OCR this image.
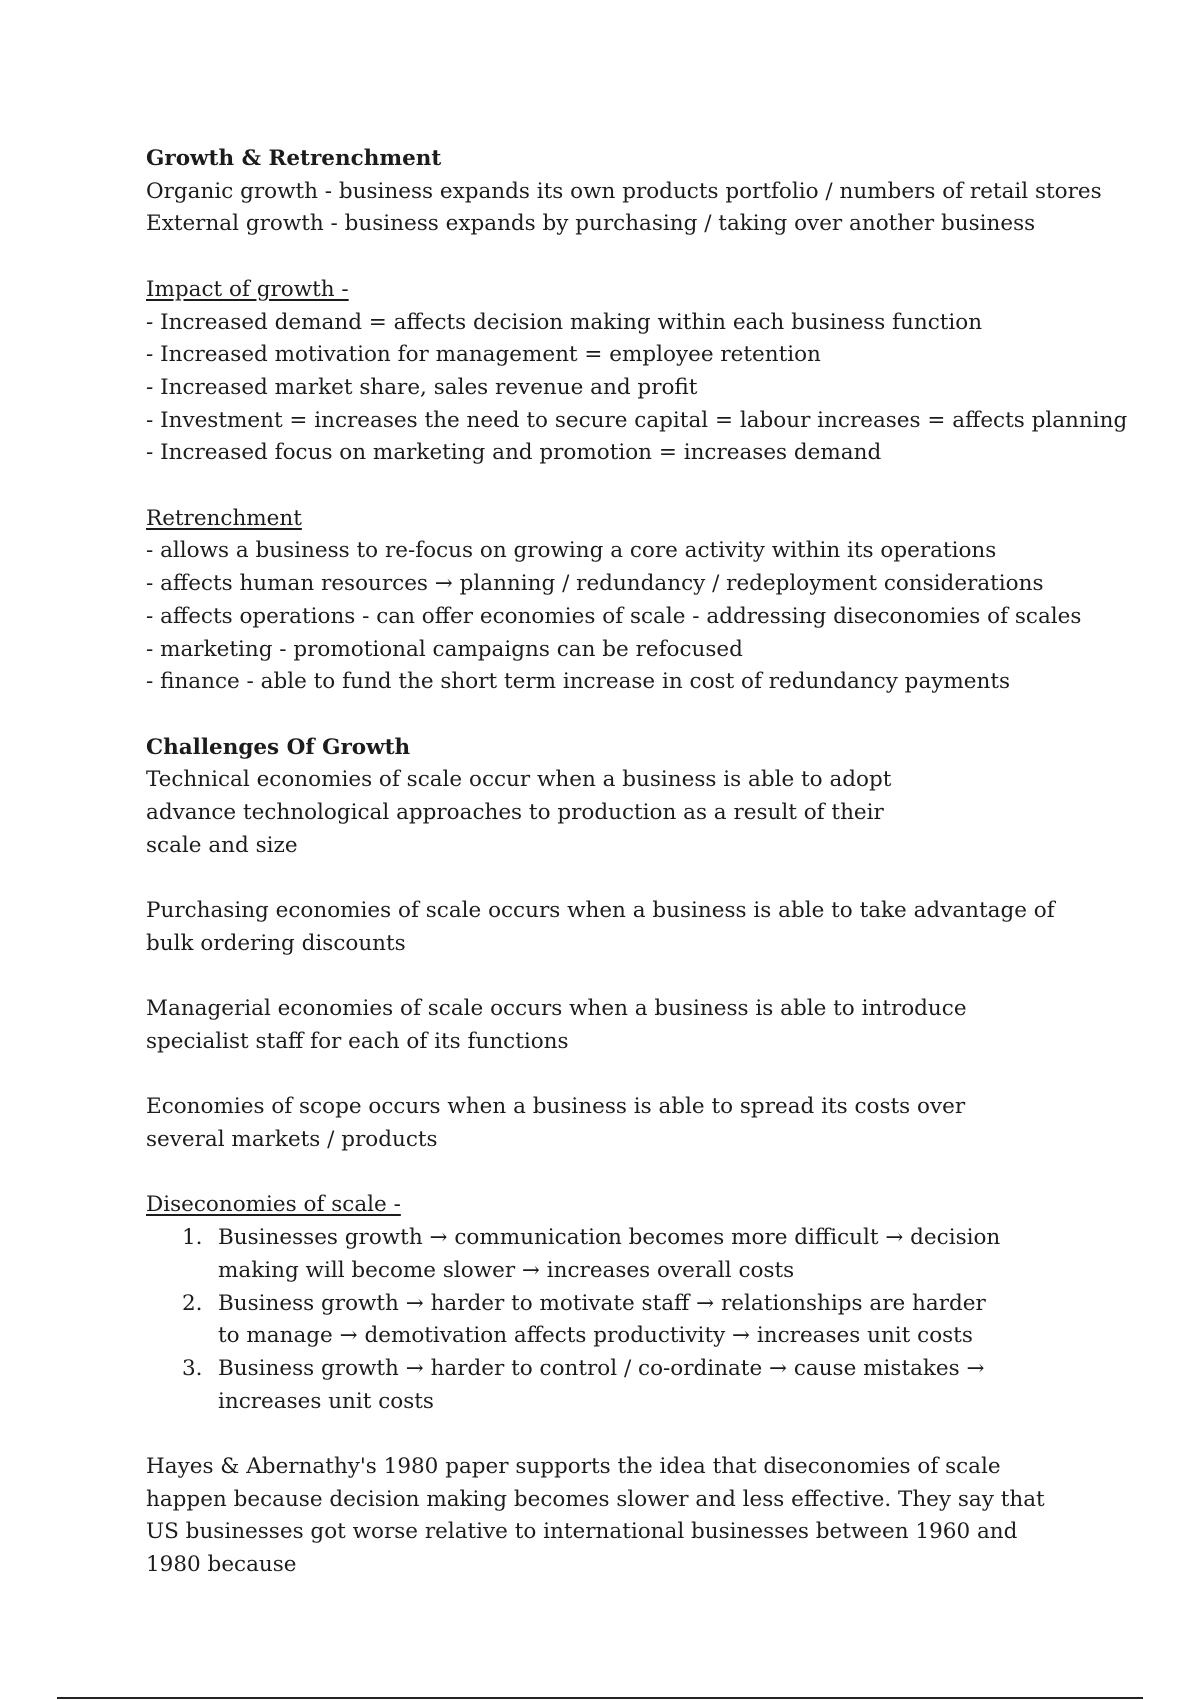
Growth & Retrenchment
Organic growth - business expands its own products portfolio / numbers of retail stores
External growth - business expands by purchasing / taking over another business
Impact of growth -
- Increased demand = affects decision making within each business function
- Increased motivation for management = employee retention
- Increased market share, sales revenue and profit
- Investment = increases the need to secure capital = labour increases = affects planning
- Increased focus on marketing and promotion = increases demand
Retrenchment
- allows a business to re-focus on growing a core activity within its operations
- affects human resources → planning / redundancy / redeployment considerations
- affects operations - can offer economies of scale - addressing diseconomies of scales
- marketing - promotional campaigns can be refocused
- finance - able to fund the short term increase in cost of redundancy payments
Challenges Of Growth
Technical economies of scale occur when a business is able to adopt advance technological approaches to production as a result of their scale and size
Purchasing economies of scale occurs when a business is able to take advantage of bulk ordering discounts
Managerial economies of scale occurs when a business is able to introduce specialist staff for each of its functions
Economies of scope occurs when a business is able to spread its costs over several markets / products
Diseconomies of scale -
1. Businesses growth → communication becomes more difficult → decision making will become slower → increases overall costs
2. Business growth → harder to motivate staff → relationships are harder to manage → demotivation affects productivity → increases unit costs
3. Business growth → harder to control / co-ordinate → cause mistakes → increases unit costs
Hayes & Abernathy's 1980 paper supports the idea that diseconomies of scale happen because decision making becomes slower and less effective. They say that US businesses got worse relative to international businesses between 1960 and 1980 because
